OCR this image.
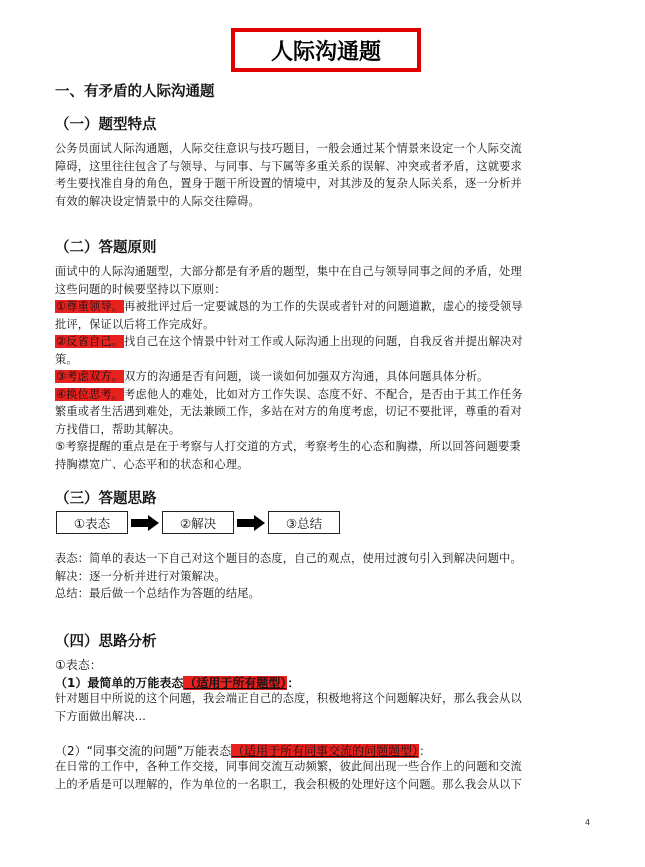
人际沟通题
一、有矛盾的人际沟通题
（一）题型特点
公务员面试人际沟通题，人际交往意识与技巧题目，一般会通过某个情景来设定一个人际交流
障碍，这里往往包含了与领导、与同事、与下属等多重关系的误解、冲突或者矛盾，这就要求
考生要找准自身的角色，置身于题干所设置的情境中，对其涉及的复杂人际关系，逐一分析并
有效的解决设定情景中的人际交往障碍。
（二）答题原则
面试中的人际沟通题型，大部分都是有矛盾的题型，集中在自己与领导同事之间的矛盾，处理
这些问题的时候要坚持以下原则：
①尊重领导。再被批评过后一定要诚恳的为工作的失误或者针对的问题道歉，虚心的接受领导
批评，保证以后将工作完成好。
②反省自己。找自己在这个情景中针对工作或人际沟通上出现的问题，自我反省并提出解决对
策。
③考虑双方。双方的沟通是否有问题，谈一谈如何加强双方沟通，具体问题具体分析。
④换位思考。考虑他人的难处，比如对方工作失误、态度不好、不配合，是否由于其工作任务
繁重或者生活遇到难处，无法兼顾工作，多站在对方的角度考虑，切记不要批评，尊重的看对
方找借口，帮助其解决。
⑤考察提醒的重点是在于考察与人打交道的方式，考察考生的心态和胸襟，所以回答问题要秉
持胸襟宽广、心态平和的状态和心理。
（三）答题思路
①表态	②解决	③总结
表态：简单的表达一下自己对这个题目的态度，自己的观点，使用过渡句引入到解决问题中。
解决：逐一分析并进行对策解决。
总结：最后做一个总结作为答题的结尾。
（四）思路分析
①表态：
（1）最简单的万能表态（适用于所有题型）：
针对题目中所说的这个问题，我会端正自己的态度，积极地将这个问题解决好，那么我会从以
下方面做出解决...
（2）“同事交流的问题”万能表态（适用于所有同事交流的问题题型）：
在日常的工作中，各种工作交接，同事间交流互动频繁，彼此间出现一些合作上的问题和交流
上的矛盾是可以理解的，作为单位的一名职工，我会积极的处理好这个问题。那么我会从以下
4
